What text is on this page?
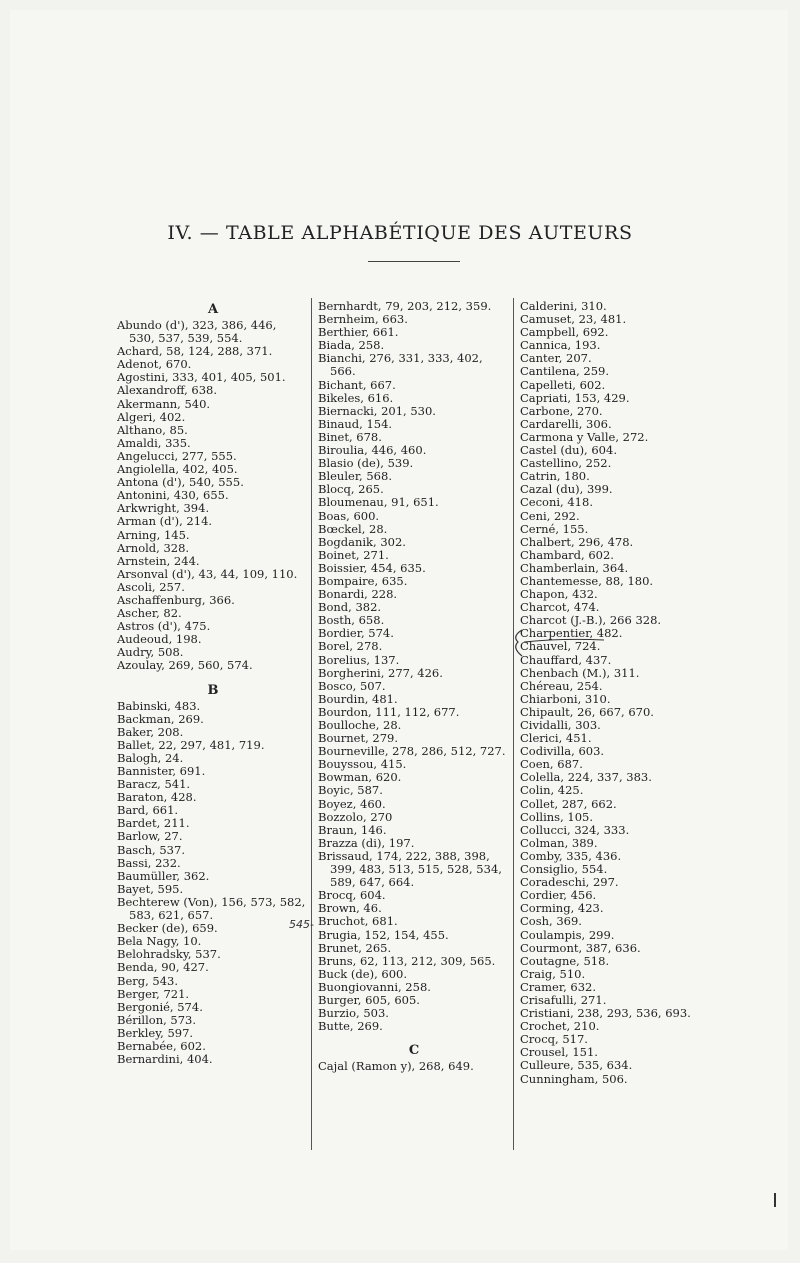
IV. — TABLE ALPHABÉTIQUE DES AUTEURS
A
Abundo (d'), 323, 386, 446,
530, 537, 539, 554.
Achard, 58, 124, 288, 371.
Adenot, 670.
Agostini, 333, 401, 405, 501.
Alexandroff, 638.
Akermann, 540.
Algeri, 402.
Althano, 85.
Amaldi, 335.
Angelucci, 277, 555.
Angiolella, 402, 405.
Antona (d'), 540, 555.
Antonini, 430, 655.
Arkwright, 394.
Arman (d'), 214.
Arning, 145.
Arnold, 328.
Arnstein, 244.
Arsonval (d'), 43, 44, 109, 110.
Ascoli, 257.
Aschaffenburg, 366.
Ascher, 82.
Astros (d'), 475.
Audeoud, 198.
Audry, 508.
Azoulay, 269, 560, 574.
B
Babinski, 483.
Backman, 269.
Baker, 208.
Ballet, 22, 297, 481, 719.
Balogh, 24.
Bannister, 691.
Baracz, 541.
Baraton, 428.
Bard, 661.
Bardet, 211.
Barlow, 27.
Basch, 537.
Bassi, 232.
Baumüller, 362.
Bayet, 595.
Bechterew (Von), 156, 573, 582,
583, 621, 657.
Becker (de), 659.
Bela Nagy, 10.
Belohradsky, 537.
Benda, 90, 427.
Berg, 543.
Berger, 721.
Bergonié, 574.
Bérillon, 573.
Berkley, 597.
Bernabée, 602.
Bernardini, 404.
Bernhardt, 79, 203, 212, 359.
Bernheim, 663.
Berthier, 661.
Biada, 258.
Bianchi, 276, 331, 333, 402,
566.
Bichant, 667.
Bikeles, 616.
Biernacki, 201, 530.
Binaud, 154.
Binet, 678.
Biroulia, 446, 460.
Blasio (de), 539.
Bleuler, 568.
Blocq, 265.
Bloumenau, 91, 651.
Boas, 600.
Bœckel, 28.
Bogdanik, 302.
Boinet, 271.
Boissier, 454, 635.
Bompaire, 635.
Bonardi, 228.
Bond, 382.
Bosth, 658.
Bordier, 574.
Borel, 278.
Borelius, 137.
Borgherini, 277, 426.
Bosco, 507.
Bourdin, 481.
Bourdon, 111, 112, 677.
Boulloche, 28.
Bournet, 279.
Bourneville, 278, 286, 512, 727.
Bouyssou, 415.
Bowman, 620.
Boyic, 587.
Boyez, 460.
Bozzolo, 270
Braun, 146.
Brazza (di), 197.
Brissaud, 174, 222, 388, 398,
399, 483, 513, 515, 528, 534,
589, 647, 664.
Brocq, 604.
Brown, 46.
Bruchot, 681.
Brugia, 152, 154, 455.
Brunet, 265.
Bruns, 62, 113, 212, 309, 565.
Buck (de), 600.
Buongiovanni, 258.
Burger, 605, 605.
Burzio, 503.
Butte, 269.
C
Cajal (Ramon y), 268, 649.
Calderini, 310.
Camuset, 23, 481.
Campbell, 692.
Cannica, 193.
Canter, 207.
Cantilena, 259.
Capelleti, 602.
Capriati, 153, 429.
Carbone, 270.
Cardarelli, 306.
Carmona y Valle, 272.
Castel (du), 604.
Castellino, 252.
Catrin, 180.
Cazal (du), 399.
Ceconi, 418.
Ceni, 292.
Cerné, 155.
Chalbert, 296, 478.
Chambard, 602.
Chamberlain, 364.
Chantemesse, 88, 180.
Chapon, 432.
Charcot, 474.
Charcot (J.-B.), 266 328.
Charpentier, 482.
Chauvel, 724.
Chauffard, 437.
Chenbach (M.), 311.
Chéreau, 254.
Chiarboni, 310.
Chipault, 26, 667, 670.
Cividalli, 303.
Clerici, 451.
Codivilla, 603.
Coen, 687.
Colella, 224, 337, 383.
Colin, 425.
Collet, 287, 662.
Collins, 105.
Collucci, 324, 333.
Colman, 389.
Comby, 335, 436.
Consiglio, 554.
Coradeschi, 297.
Cordier, 456.
Corming, 423.
Cosh, 369.
Coulampis, 299.
Courmont, 387, 636.
Coutagne, 518.
Craig, 510.
Cramer, 632.
Crisafulli, 271.
Cristiani, 238, 293, 536, 693.
Crochet, 210.
Crocq, 517.
Crousel, 151.
Culleure, 535, 634.
Cunningham, 506.
545-
